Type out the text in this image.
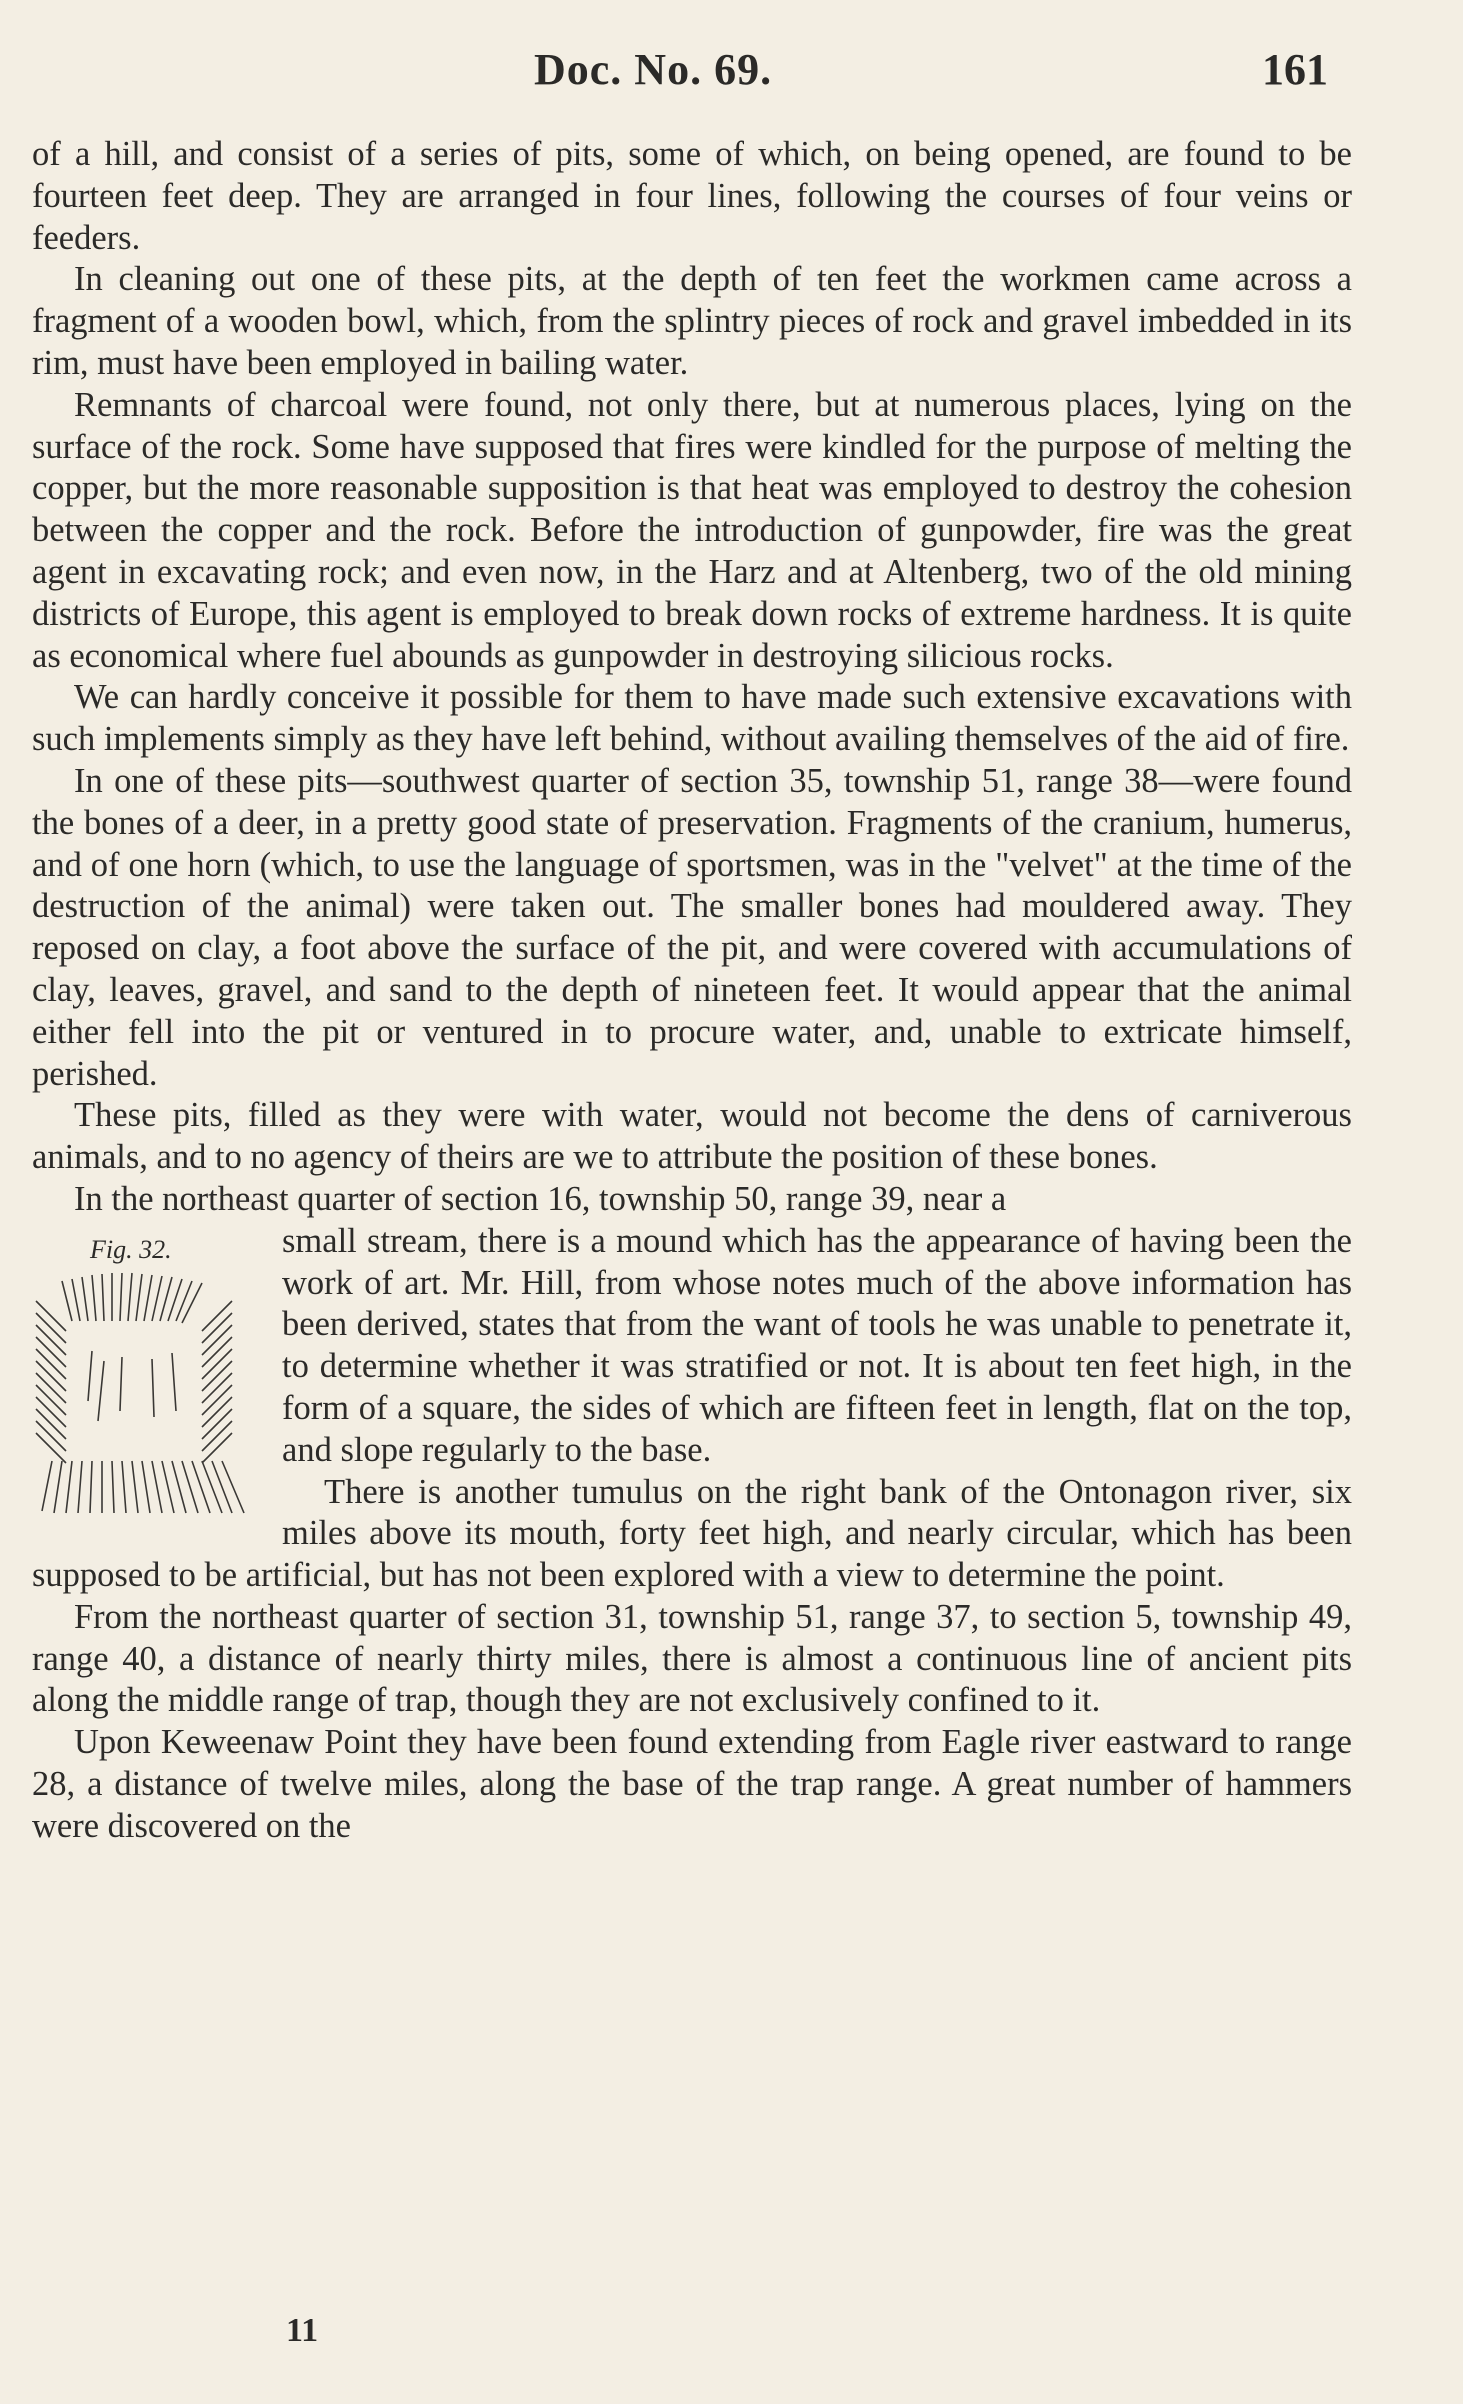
Doc. No. 69.	161

of a hill, and consist of a series of pits, some of which, on being opened, are found to be fourteen feet deep. They are arranged in four lines, following the courses of four veins or feeders.

In cleaning out one of these pits, at the depth of ten feet the workmen came across a fragment of a wooden bowl, which, from the splintry pieces of rock and gravel imbedded in its rim, must have been employed in bailing water.

Remnants of charcoal were found, not only there, but at numerous places, lying on the surface of the rock. Some have supposed that fires were kindled for the purpose of melting the copper, but the more reasonable supposition is that heat was employed to destroy the cohesion between the copper and the rock. Before the introduction of gunpowder, fire was the great agent in excavating rock; and even now, in the Harz and at Altenberg, two of the old mining districts of Europe, this agent is employed to break down rocks of extreme hardness. It is quite as economical where fuel abounds as gunpowder in destroying silicious rocks.

We can hardly conceive it possible for them to have made such extensive excavations with such implements simply as they have left behind, without availing themselves of the aid of fire.

In one of these pits—southwest quarter of section 35, township 51, range 38—were found the bones of a deer, in a pretty good state of preservation. Fragments of the cranium, humerus, and of one horn (which, to use the language of sportsmen, was in the "velvet" at the time of the destruction of the animal) were taken out. The smaller bones had mouldered away. They reposed on clay, a foot above the surface of the pit, and were covered with accumulations of clay, leaves, gravel, and sand to the depth of nineteen feet. It would appear that the animal either fell into the pit or ventured in to procure water, and, unable to extricate himself, perished.

These pits, filled as they were with water, would not become the dens of carniverous animals, and to no agency of theirs are we to attribute the position of these bones.

In the northeast quarter of section 16, township 50, range 39, near a

Fig. 32.	small stream, there is a mound which has the appearance of having been the work of art. Mr. Hill, from whose notes much of the above information has been derived, states that from the want of tools he was unable to penetrate it, to determine whether it was stratified or not. It is about ten feet high, in the form of a square, the sides of which are fifteen feet in length, flat on the top, and slope regularly to the base.

There is another tumulus on the right bank of the Ontonagon river, six miles above its mouth, forty feet high, and nearly circular, which has been supposed to be artificial, but has not been explored with a view to determine the point.

From the northeast quarter of section 31, township 51, range 37, to section 5, township 49, range 40, a distance of nearly thirty miles, there is almost a continuous line of ancient pits along the middle range of trap, though they are not exclusively confined to it.

Upon Keweenaw Point they have been found extending from Eagle river eastward to range 28, a distance of twelve miles, along the base of the trap range. A great number of hammers were discovered on the

11
